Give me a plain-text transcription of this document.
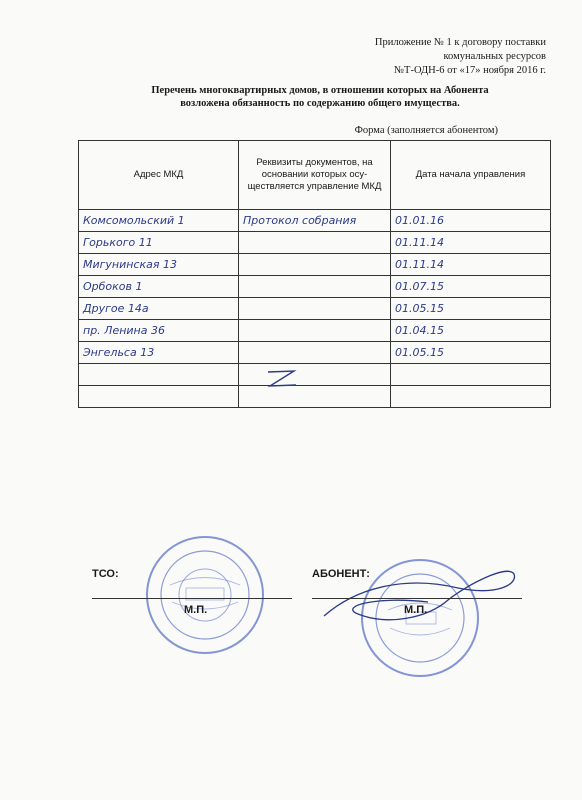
Приложение № 1 к договору поставки
комунальных ресурсов
№Т-ОДН-6 от «17» ноября 2016 г.
Перечень многоквартирных домов, в отношении которых на Абонента
возложена обязанность по содержанию общего имущества.
Форма (заполняется абонентом)
Адрес МКД	Реквизиты документов, на основании которых осу-ществляется управление МКД	Дата начала управления
Комсомольский 1	Протокол собрания	01.01.16
Горького 11		01.11.14
Мигунинская 13		01.11.14
Орбоков 1		01.07.15
Другое 14а		01.05.15
пр. Ленина 36		01.04.15
Энгельса 13		01.05.15

ТСО:	АБОНЕНТ:
М.П.	М.П.
